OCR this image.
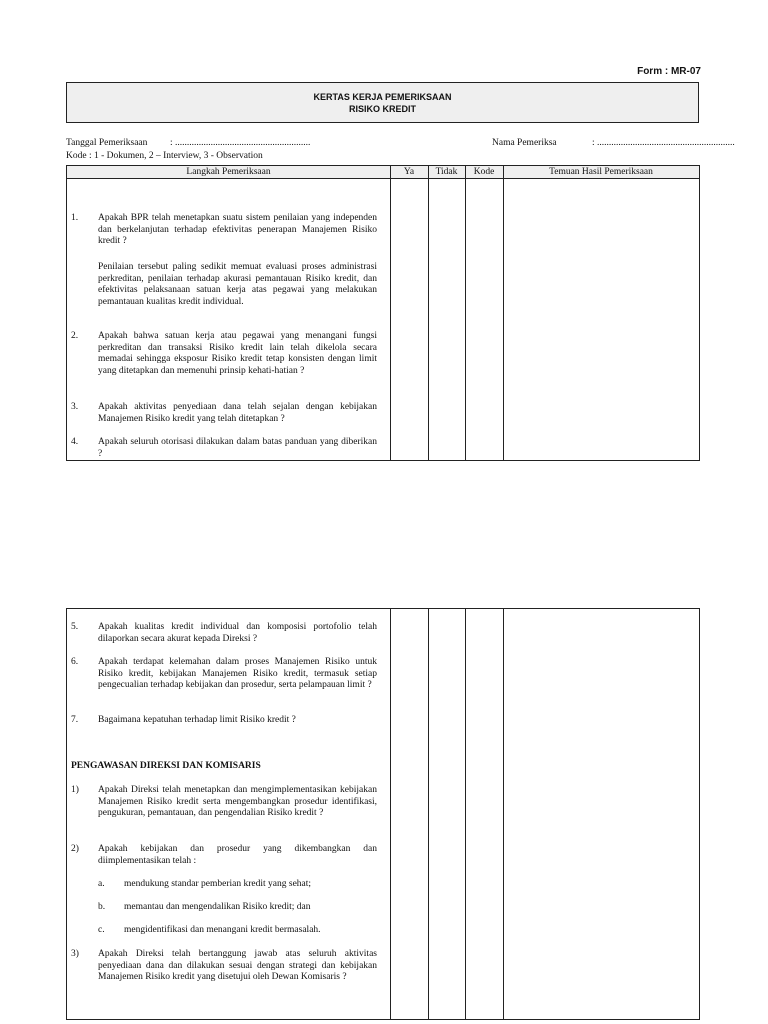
Form : MR-07
KERTAS KERJA PEMERIKSAAN
RISIKO KREDIT
Tanggal Pemeriksaan : .........................................................	Nama Pemeriksa	: ..........................................................
Kode : 1 - Dokumen, 2 – Interview, 3 - Observation
Langkah Pemeriksaan	Ya	Tidak	Kode	Temuan Hasil Pemeriksaan
1.	Apakah BPR telah menetapkan suatu sistem penilaian yang independen dan berkelanjutan terhadap efektivitas penerapan Manajemen Risiko kredit ?
Penilaian tersebut paling sedikit memuat evaluasi proses administrasi perkreditan, penilaian terhadap akurasi pemantauan Risiko kredit, dan efektivitas pelaksanaan satuan kerja atas pegawai yang melakukan pemantauan kualitas kredit individual.
2.	Apakah bahwa satuan kerja atau pegawai yang menangani fungsi perkreditan dan transaksi Risiko kredit lain telah dikelola secara memadai sehingga eksposur Risiko kredit tetap konsisten dengan limit yang ditetapkan dan memenuhi prinsip kehati-hatian ?
3.	Apakah aktivitas penyediaan dana telah sejalan dengan kebijakan Manajemen Risiko kredit yang telah ditetapkan ?
4.	Apakah seluruh otorisasi dilakukan dalam batas panduan yang diberikan ?
5.	Apakah kualitas kredit individual dan komposisi portofolio telah dilaporkan secara akurat kepada Direksi ?
6.	Apakah terdapat kelemahan dalam proses Manajemen Risiko untuk Risiko kredit, kebijakan Manajemen Risiko kredit, termasuk setiap pengecualian terhadap kebijakan dan prosedur, serta pelampauan limit ?
7.	Bagaimana kepatuhan terhadap limit Risiko kredit ?
PENGAWASAN DIREKSI DAN KOMISARIS
1)	Apakah Direksi telah menetapkan dan mengimplementasikan kebijakan Manajemen Risiko kredit serta mengembangkan prosedur identifikasi, pengukuran, pemantauan, dan pengendalian Risiko kredit ?
2)	Apakah kebijakan dan prosedur yang dikembangkan dan diimplementasikan telah :
a. mendukung standar pemberian kredit yang sehat;
b. memantau dan mengendalikan Risiko kredit; dan
c. mengidentifikasi dan menangani kredit bermasalah.
3)	Apakah Direksi telah bertanggung jawab atas seluruh aktivitas penyediaan dana dan dilakukan sesuai dengan strategi dan kebijakan Manajemen Risiko kredit yang disetujui oleh Dewan Komisaris ?
